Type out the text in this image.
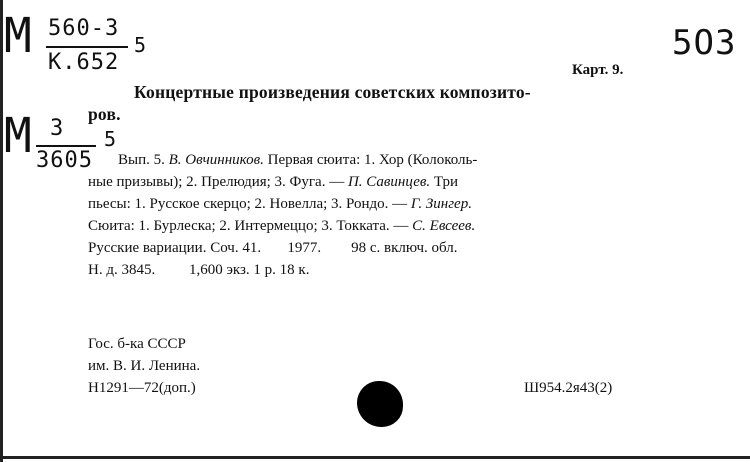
M 560-3
K.652
5	5ОЗ
M 3
3605
5
Карт. 9.
Концертные произведения советских композито-
ров.
Вып. 5. В. Овчинников. Первая сюита: 1. Хор (Колоколь-
ные призывы); 2. Прелюдия; 3. Фуга. — П. Савинцев. Три
пьесы: 1. Русское скерцо; 2. Новелла; 3. Рондо. — Г. Зингер.
Сюита: 1. Бурлеска; 2. Интермеццо; 3. Токката. — С. Евсеев.
Русские вариации. Соч. 41.       1977.        98 с. включ. обл.
Н. д. 3845.         1,600 экз. 1 р. 18 к.
Гос. б-ка СССР
им. В. И. Ленина.
Н1291—72(доп.)	Ш954.2я43(2)
